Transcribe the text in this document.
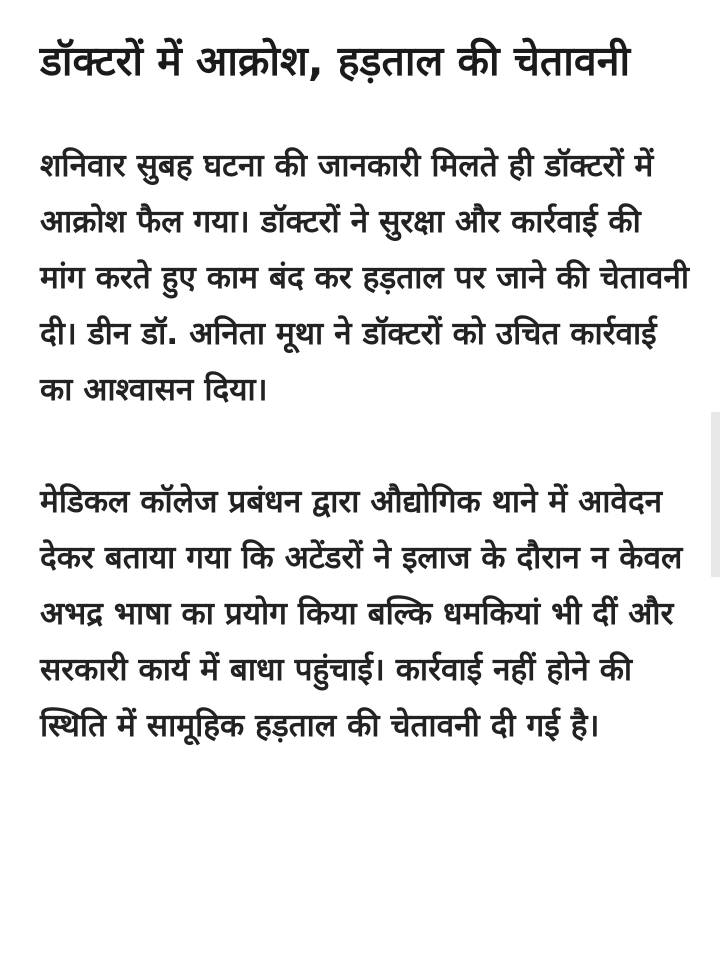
डॉक्टरों में आक्रोश, हड़ताल की चेतावनी

शनिवार सुबह घटना की जानकारी मिलते ही डॉक्टरों में आक्रोश फैल गया। डॉक्टरों ने सुरक्षा और कार्रवाई की मांग करते हुए काम बंद कर हड़ताल पर जाने की चेतावनी दी। डीन डॉ. अनिता मूथा ने डॉक्टरों को उचित कार्रवाई का आश्वासन दिया।

मेडिकल कॉलेज प्रबंधन द्वारा औद्योगिक थाने में आवेदन देकर बताया गया कि अटेंडरों ने इलाज के दौरान न केवल अभद्र भाषा का प्रयोग किया बल्कि धमकियां भी दीं और सरकारी कार्य में बाधा पहुंचाई। कार्रवाई नहीं होने की स्थिति में सामूहिक हड़ताल की चेतावनी दी गई है।
